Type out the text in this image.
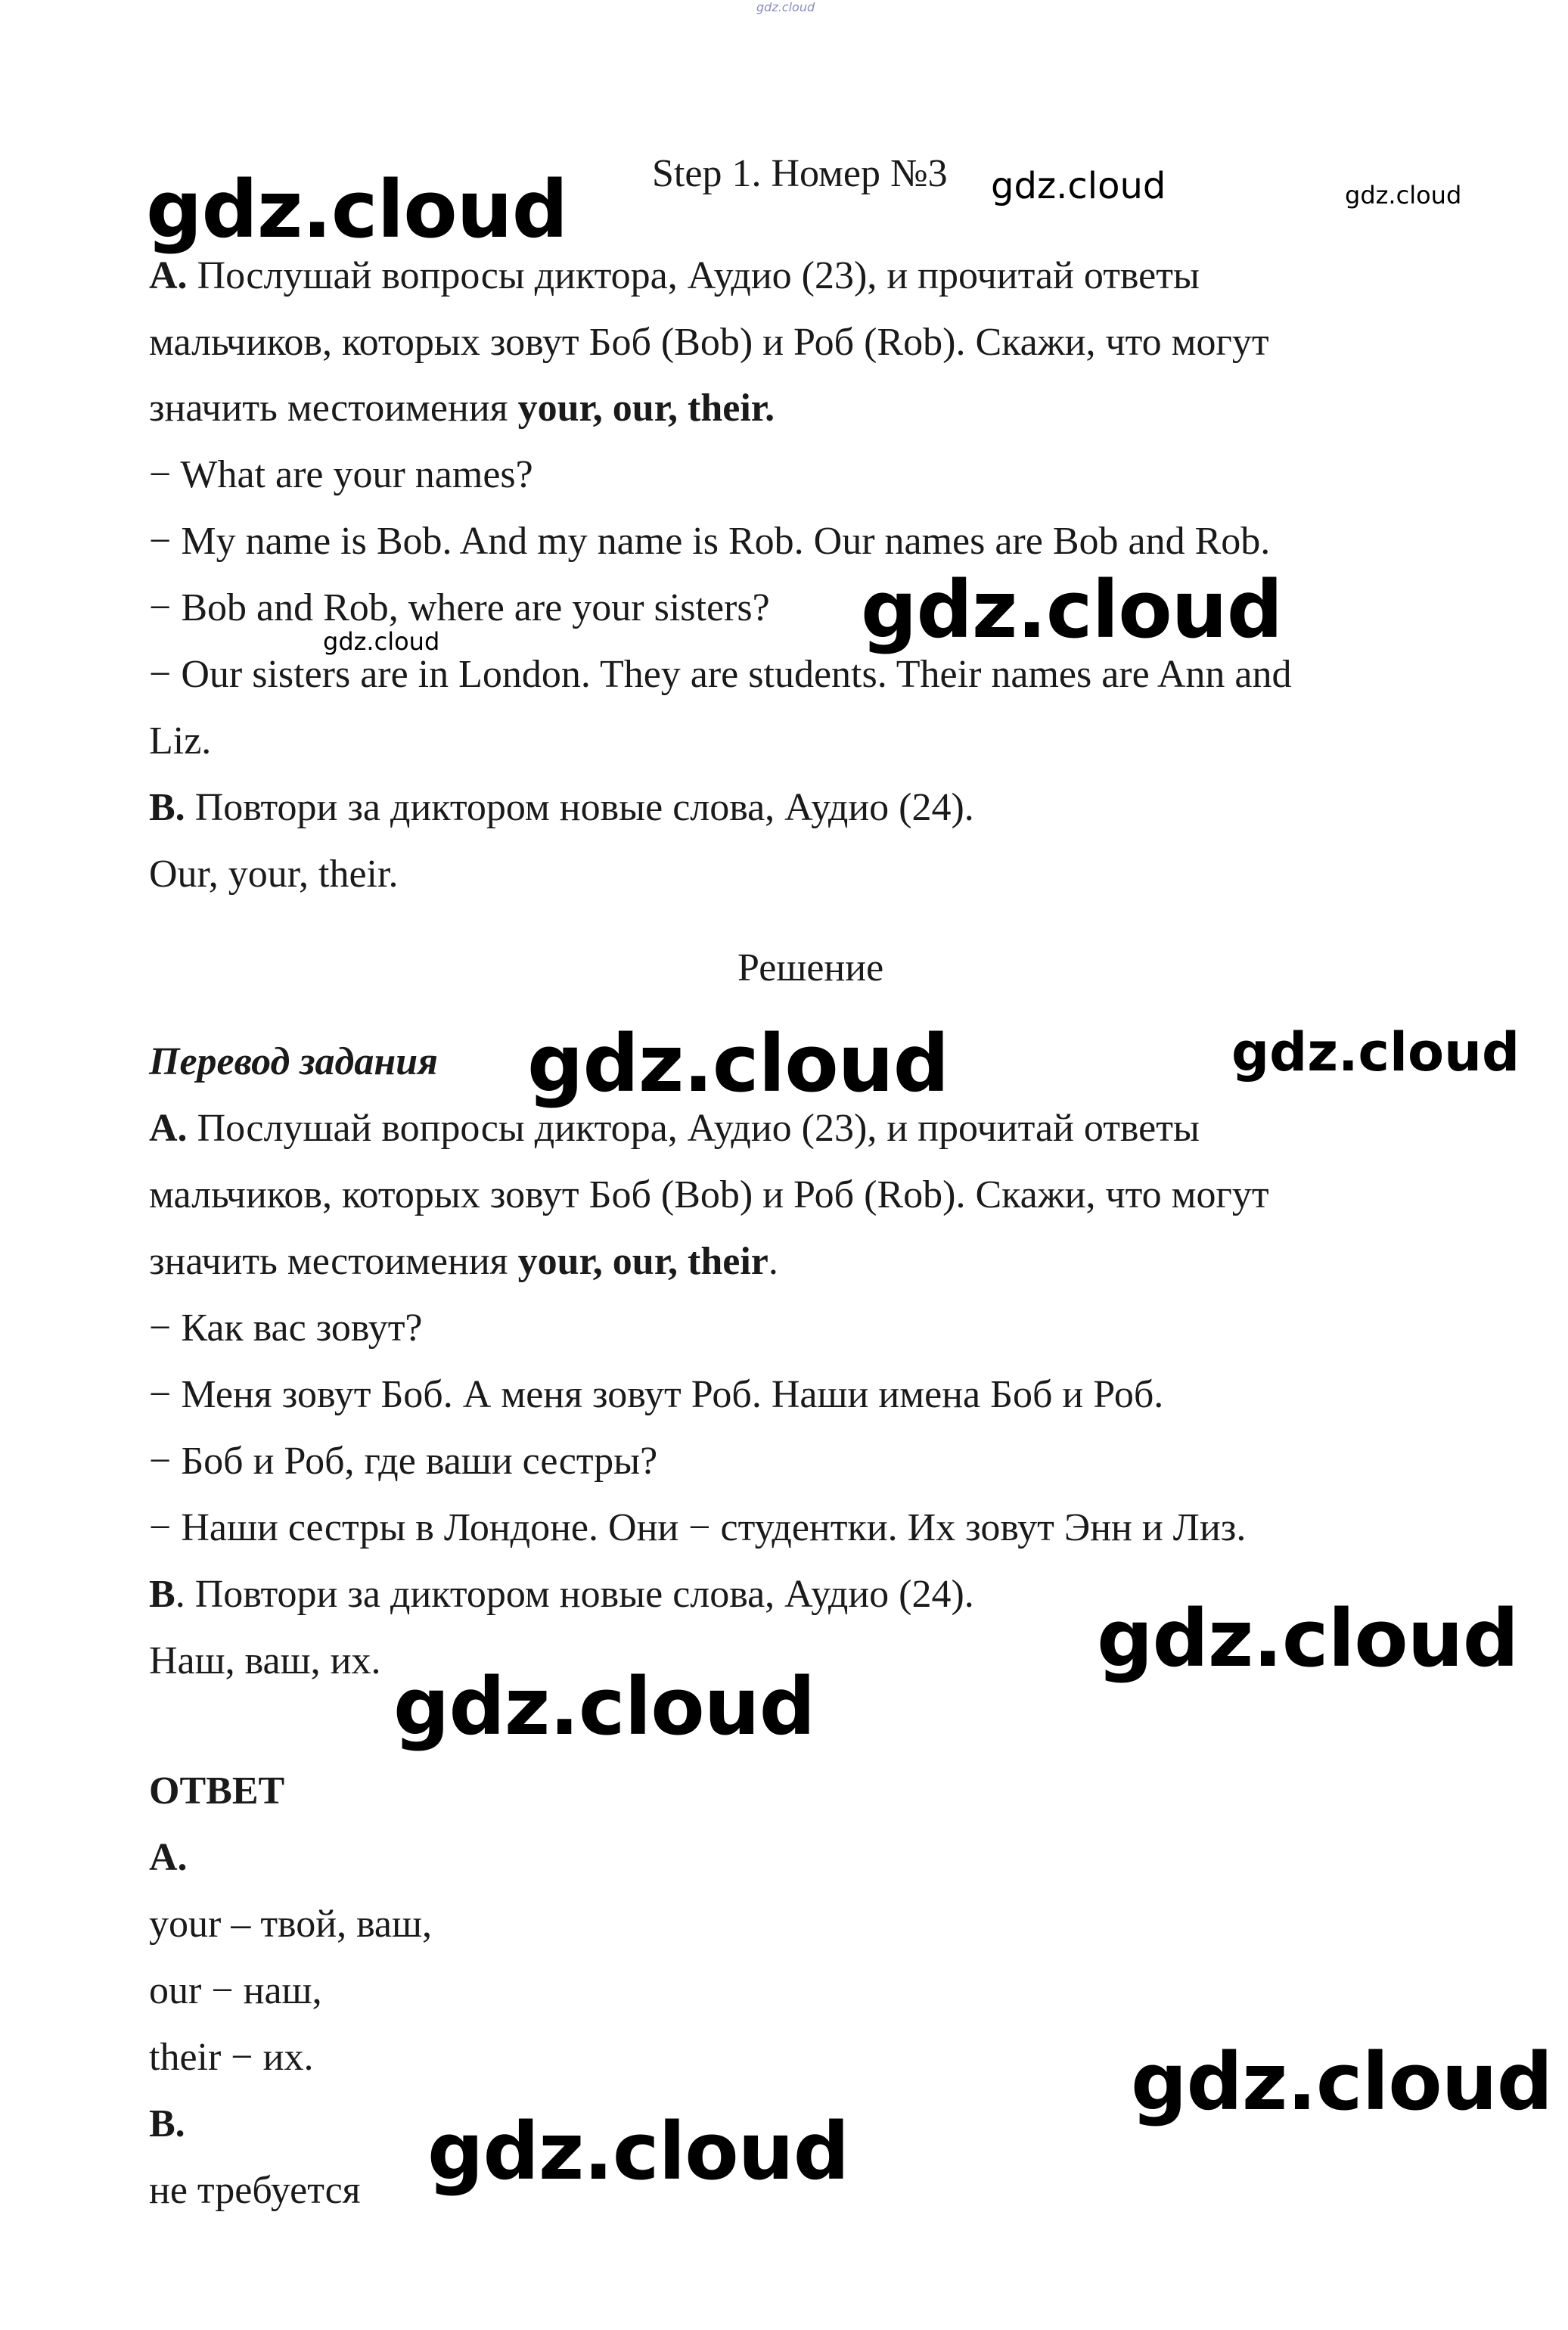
gdz.cloud
Step 1. Номер №3
A. Послушай вопросы диктора, Аудио (23), и прочитай ответы
мальчиков, которых зовут Боб (Bob) и Роб (Rob). Скажи, что могут
значить местоимения your, our, their.
− What are your names?
− My name is Bob. And my name is Rob. Our names are Bob and Rob.
− Bob and Rob, where are your sisters?
− Our sisters are in London. They are students. Their names are Ann and
Liz.
B. Повтори за диктором новые слова, Аудио (24).
Our, your, their.
Решение
Перевод задания
A. Послушай вопросы диктора, Аудио (23), и прочитай ответы
мальчиков, которых зовут Боб (Bob) и Роб (Rob). Скажи, что могут
значить местоимения your, our, their.
− Как вас зовут?
− Меня зовут Боб. А меня зовут Роб. Наши имена Боб и Роб.
− Боб и Роб, где ваши сестры?
− Наши сестры в Лондоне. Они − студентки. Их зовут Энн и Лиз.
B. Повтори за диктором новые слова, Аудио (24).
Наш, ваш, их.
ОТВЕТ
A.
your – твой, ваш,
our − наш,
their − их.
B.
не требуется
gdz.cloud	gdz.cloud	gdz.cloud
gdz.cloud
gdz.cloud
gdz.cloud	gdz.cloud
gdz.cloud
gdz.cloud
gdz.cloud
gdz.cloud
